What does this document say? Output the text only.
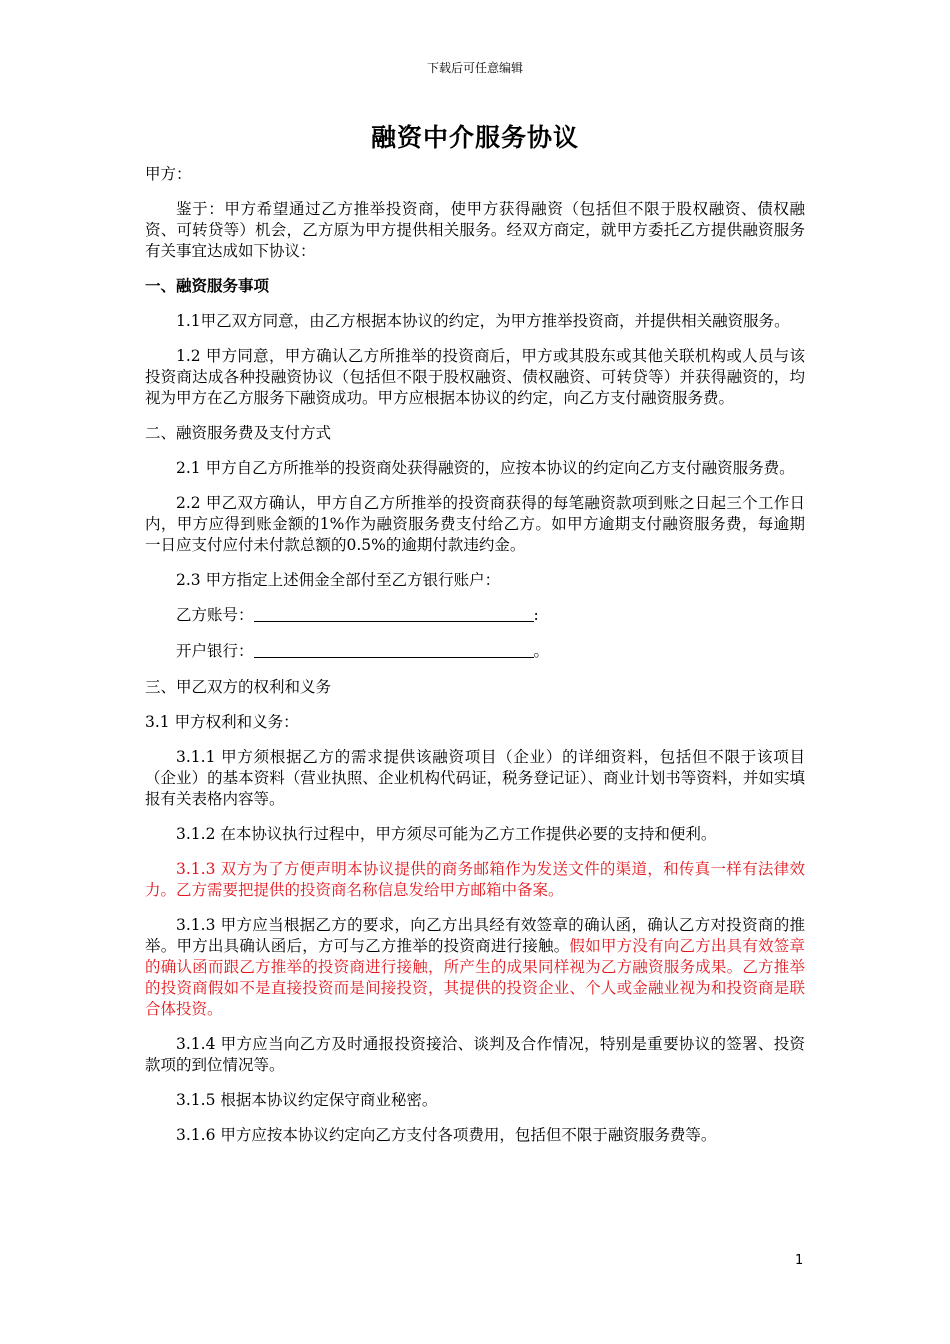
下载后可任意编辑
融资中介服务协议

甲方：

鉴于：甲方希望通过乙方推举投资商，使甲方获得融资（包括但不限于股权融资、债权融资、可转贷等）机会，乙方原为甲方提供相关服务。经双方商定，就甲方委托乙方提供融资服务有关事宜达成如下协议：

一、融资服务事项

1.1甲乙双方同意，由乙方根据本协议的约定，为甲方推举投资商，并提供相关融资服务。

1.2 甲方同意，甲方确认乙方所推举的投资商后，甲方或其股东或其他关联机构或人员与该投资商达成各种投融资协议（包括但不限于股权融资、债权融资、可转贷等）并获得融资的，均视为甲方在乙方服务下融资成功。甲方应根据本协议的约定，向乙方支付融资服务费。

二、融资服务费及支付方式

2.1 甲方自乙方所推举的投资商处获得融资的，应按本协议的约定向乙方支付融资服务费。

2.2 甲乙双方确认，甲方自乙方所推举的投资商获得的每笔融资款项到账之日起三个工作日内，甲方应得到账金额的1%作为融资服务费支付给乙方。如甲方逾期支付融资服务费，每逾期一日应支付应付未付款总额的0.5%的逾期付款违约金。

2.3 甲方指定上述佣金全部付至乙方银行账户：

乙方账号：	:

开户银行：	。

三、甲乙双方的权利和义务

3.1 甲方权利和义务：

3.1.1 甲方须根据乙方的需求提供该融资项目（企业）的详细资料，包括但不限于该项目（企业）的基本资料（营业执照、企业机构代码证，税务登记证）、商业计划书等资料，并如实填报有关表格内容等。

3.1.2 在本协议执行过程中，甲方须尽可能为乙方工作提供必要的支持和便利。

3.1.3 双方为了方便声明本协议提供的商务邮箱作为发送文件的渠道，和传真一样有法律效力。乙方需要把提供的投资商名称信息发给甲方邮箱中备案。

3.1.3 甲方应当根据乙方的要求，向乙方出具经有效签章的确认函，确认乙方对投资商的推举。甲方出具确认函后，方可与乙方推举的投资商进行接触。假如甲方没有向乙方出具有效签章的确认函而跟乙方推举的投资商进行接触，所产生的成果同样视为乙方融资服务成果。乙方推举的投资商假如不是直接投资而是间接投资，其提供的投资企业、个人或金融业视为和投资商是联合体投资。

3.1.4 甲方应当向乙方及时通报投资接洽、谈判及合作情况，特别是重要协议的签署、投资款项的到位情况等。

3.1.5 根据本协议约定保守商业秘密。

3.1.6 甲方应按本协议约定向乙方支付各项费用，包括但不限于融资服务费等。

1
